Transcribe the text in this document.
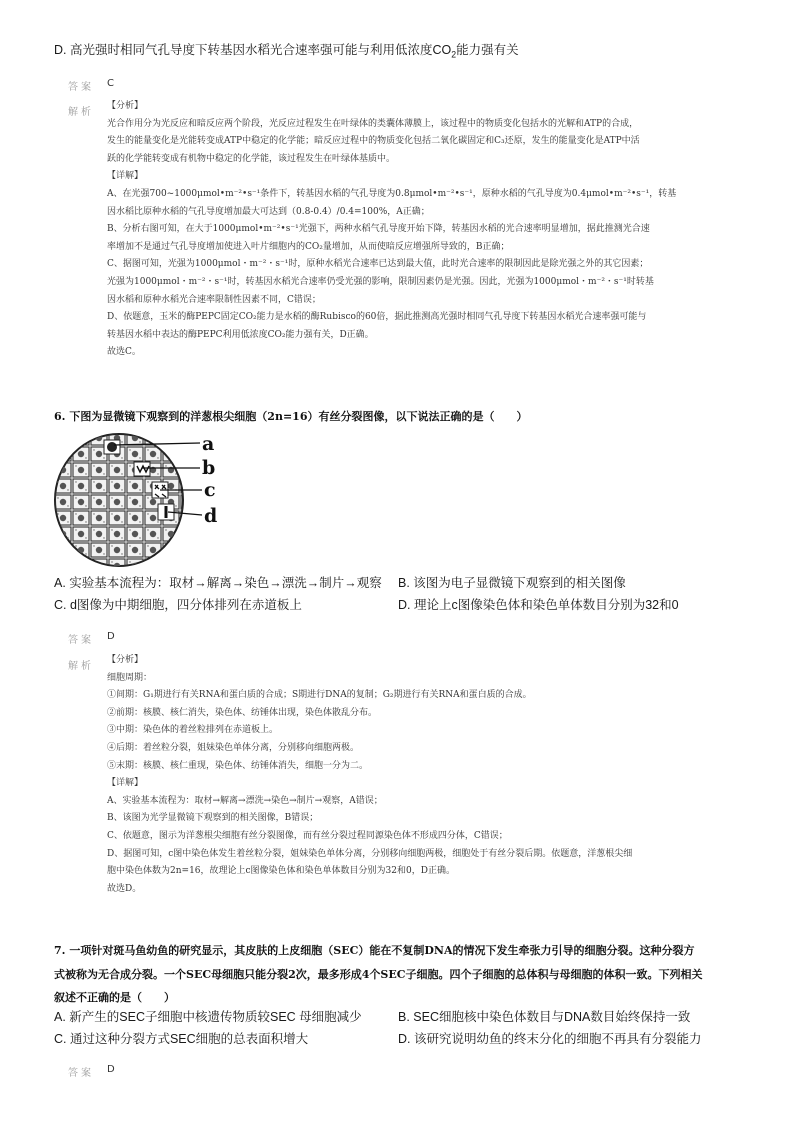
D. 高光强时相同气孔导度下转基因水稻光合速率强可能与利用低浓度$CO_2$能力强有关
答案 C
解析
【分析】
光合作用分为光反应和暗反应两个阶段，光反应过程发生在叶绿体的类囊体薄膜上，该过程中的物质变化包括水的光解和ATP的合成，
发生的能量变化是光能转变成ATP中稳定的化学能；暗反应过程中的物质变化包括二氧化碳固定和C₃还原，发生的能量变化是ATP中活
跃的化学能转变成有机物中稳定的化学能，该过程发生在叶绿体基质中。
【详解】
A、在光强700~1000μmol•m⁻²•s⁻¹条件下，转基因水稻的气孔导度为0.8μmol•m⁻²•s⁻¹，原种水稻的气孔导度为0.4μmol•m⁻²•s⁻¹，转基
因水稻比原种水稻的气孔导度增加最大可达到（0.8-0.4）/0.4=100%，A正确；
B、分析右图可知，在大于1000μmol•m⁻²•s⁻¹光强下，两种水稻气孔导度开始下降，转基因水稻的光合速率明显增加，据此推测光合速
率增加不是通过气孔导度增加使进入叶片细胞内的CO₂量增加，从而使暗反应增强所导致的，B正确；
C、据图可知，光强为1000μmol・m⁻²・s⁻¹时，原种水稻光合速率已达到最大值，此时光合速率的限制因此是除光强之外的其它因素；
光强为1000μmol・m⁻²・s⁻¹时，转基因水稻光合速率仍受光强的影响，限制因素仍是光强。因此，光强为1000μmol・m⁻²・s⁻¹时转基
因水稻和原种水稻光合速率限制性因素不同，C错误；
D、依题意，玉米的酶PEPC固定CO₂能力是水稻的酶Rubisco的60倍，据此推测高光强时相同气孔导度下转基因水稻光合速率强可能与
转基因水稻中表达的酶PEPC利用低浓度CO₂能力强有关，D正确。
故选C。
6. 下图为显微镜下观察到的洋葱根尖细胞（2n=16）有丝分裂图像，以下说法正确的是（　　）
a
b
c
d
A. 实验基本流程为：取材→解离→染色→漂洗→制片→观察 B. 该图为电子显微镜下观察到的相关图像
C. d图像为中期细胞，四分体排列在赤道板上	D. 理论上c图像染色体和染色单体数目分别为32和0
答案 D
解析
【分析】
细胞周期：
①间期：G₁期进行有关RNA和蛋白质的合成；S期进行DNA的复制；G₂期进行有关RNA和蛋白质的合成。
②前期：核膜、核仁消失，染色体、纺锤体出现，染色体散乱分布。
③中期：染色体的着丝粒排列在赤道板上。
④后期：着丝粒分裂，姐妹染色单体分离，分别移向细胞两极。
⑤末期：核膜、核仁重现，染色体、纺锤体消失，细胞一分为二。
【详解】
A、实验基本流程为：取材→解离→漂洗→染色→制片→观察，A错误；
B、该图为光学显微镜下观察到的相关图像，B错误；
C、依题意，图示为洋葱根尖细胞有丝分裂图像，而有丝分裂过程同源染色体不形成四分体，C错误；
D、据图可知，c图中染色体发生着丝粒分裂，姐妹染色单体分离，分别移向细胞两极，细胞处于有丝分裂后期。依题意，洋葱根尖细
胞中染色体数为2n=16，故理论上c图像染色体和染色单体数目分别为32和0，D正确。
故选D。
7. 一项针对斑马鱼幼鱼的研究显示，其皮肤的上皮细胞（SEC）能在不复制DNA的情况下发生牵张力引导的细胞分裂。这种分裂方
式被称为无合成分裂。一个SEC母细胞只能分裂2次，最多形成4个SEC子细胞。四个子细胞的总体积与母细胞的体积一致。下列相关
叙述不正确的是（　　）
A. 新产生的SEC子细胞中核遗传物质较SEC 母细胞减少	B. SEC细胞核中染色体数目与DNA数目始终保持一致
C. 通过这种分裂方式SEC细胞的总表面积增大	D. 该研究说明幼鱼的终末分化的细胞不再具有分裂能力
答案 D
